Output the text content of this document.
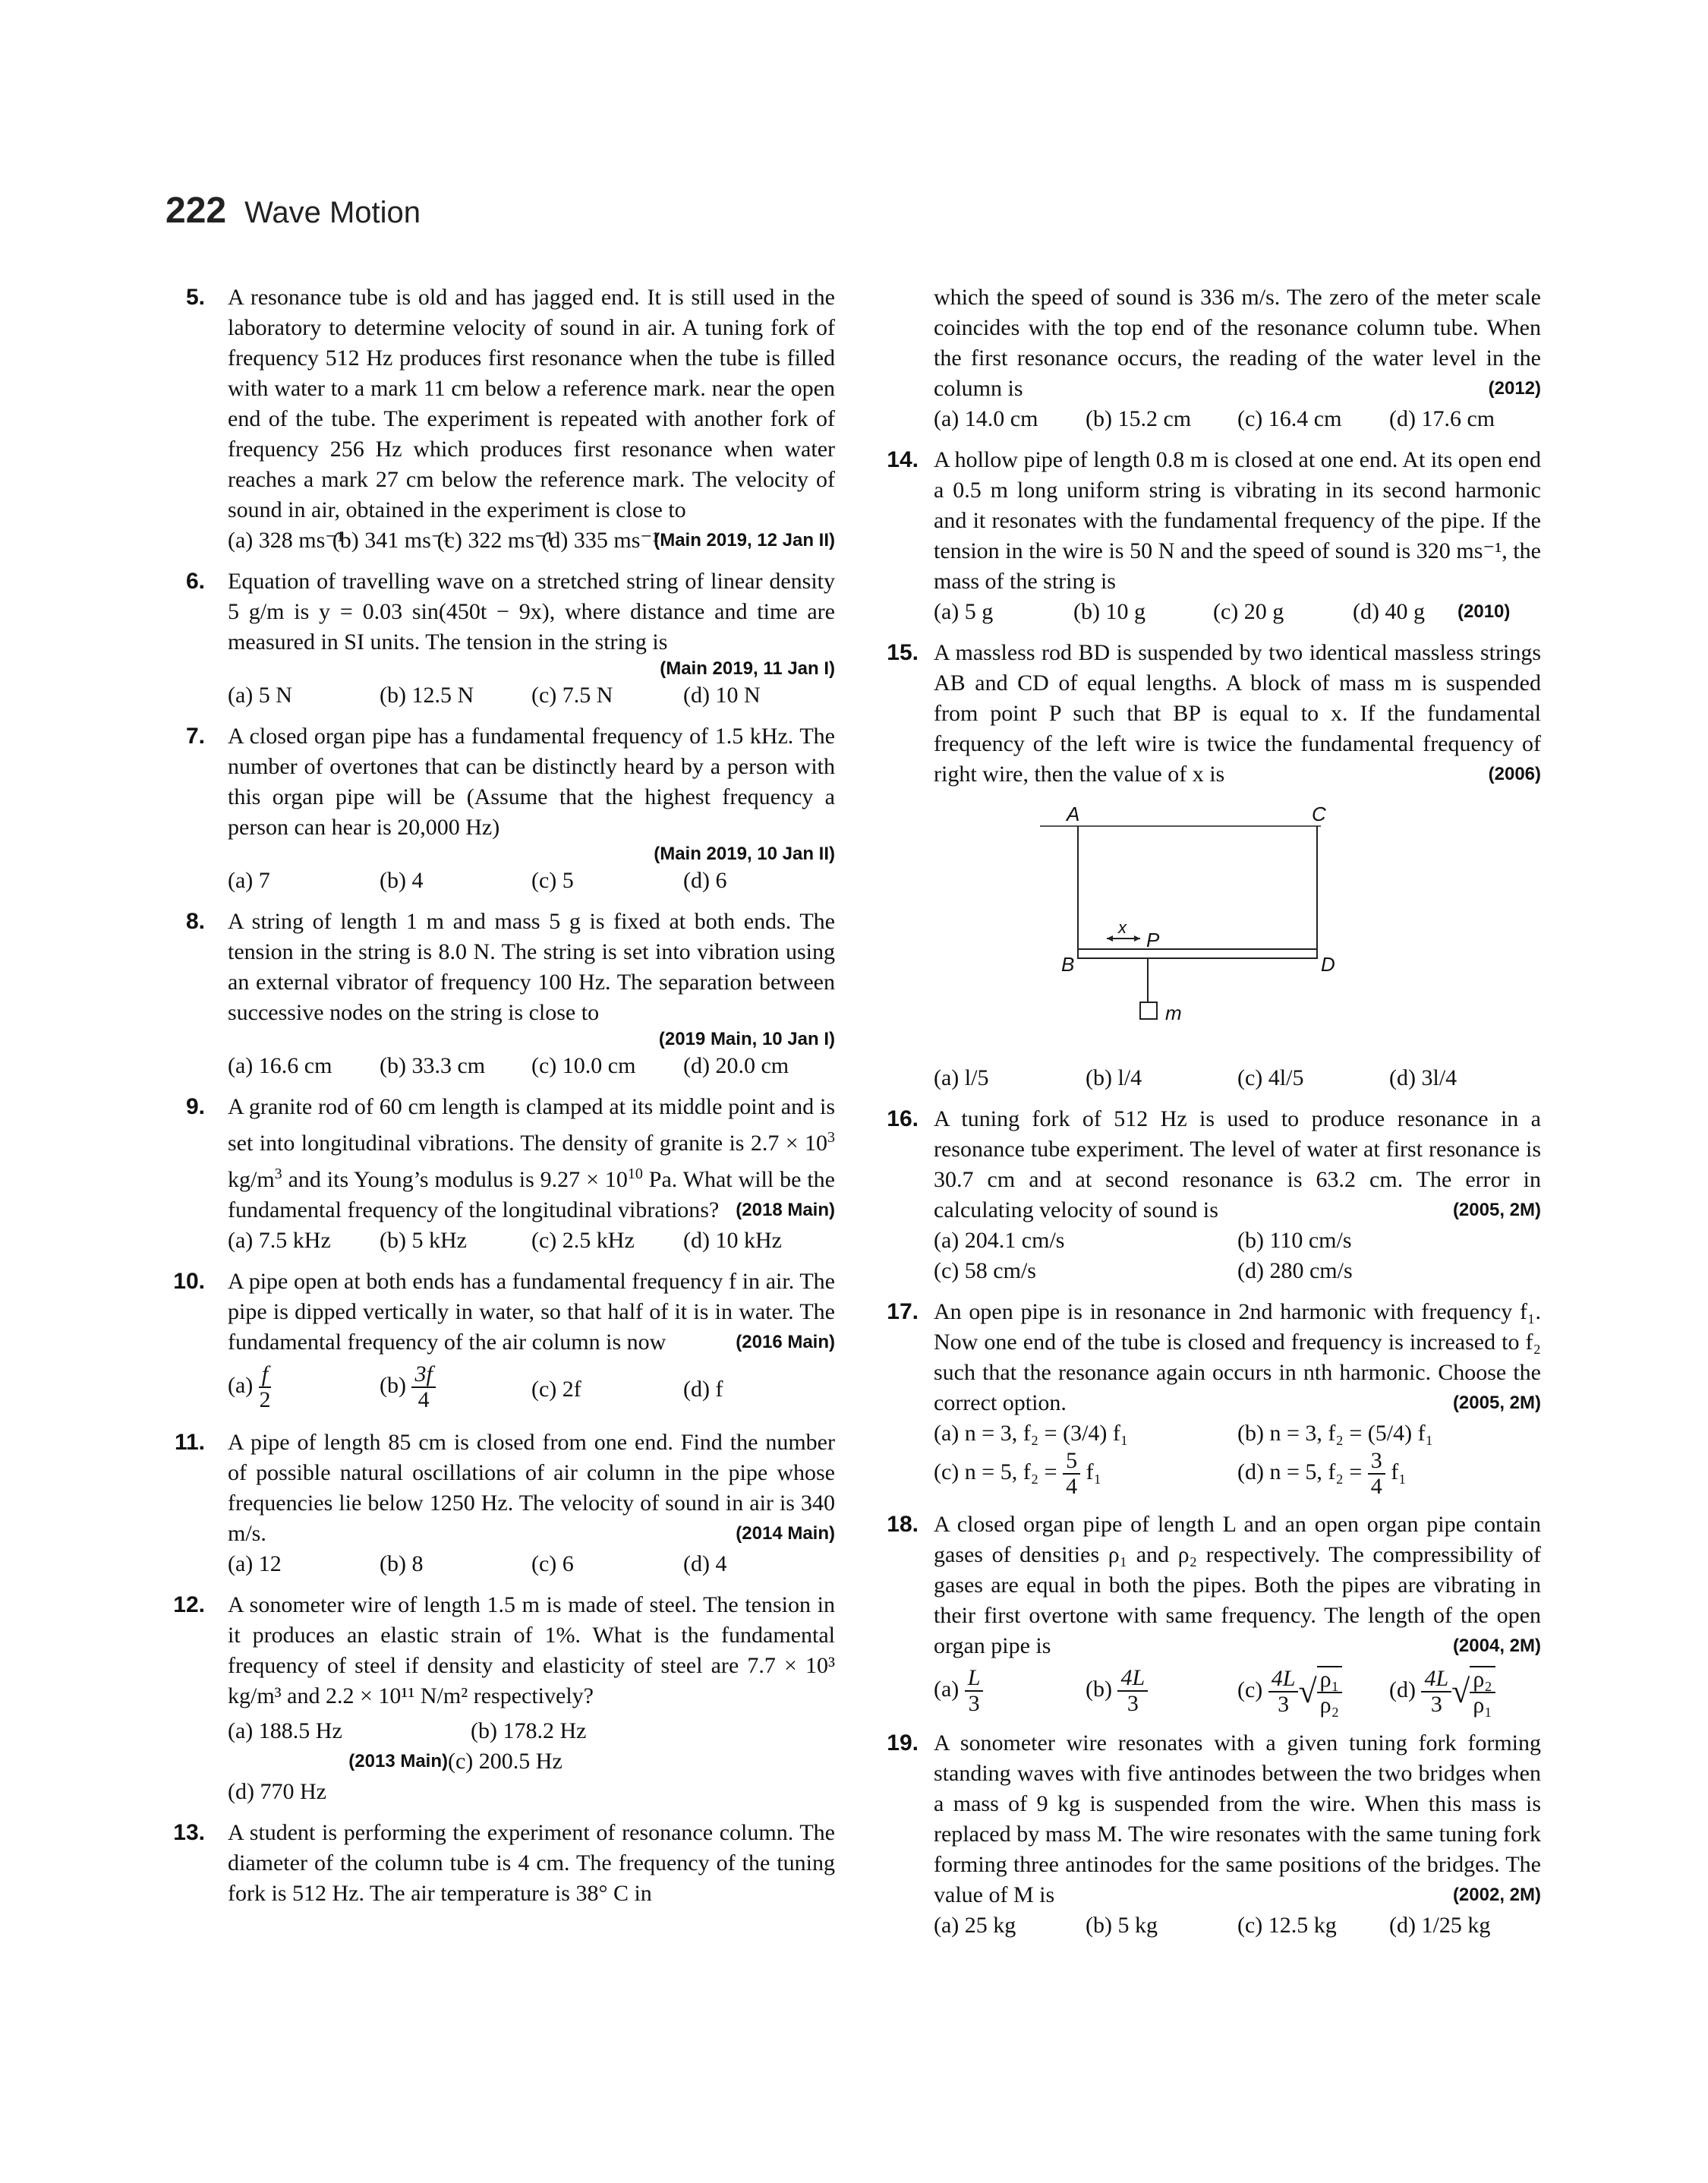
222 Wave Motion
5.	A resonance tube is old and has jagged end. It is still used in the laboratory to determine velocity of sound in air. A tuning fork of frequency 512 Hz produces first resonance when the tube is filled with water to a mark 11 cm below a reference mark. near the open end of the tube. The experiment is repeated with another fork of frequency 256 Hz which produces first resonance when water reaches a mark 27 cm below the reference mark. The velocity of sound in air, obtained in the experiment is close to
(Main 2019, 12 Jan II)
(a) 328 ms⁻¹
(b) 341 ms⁻¹
(c) 322 ms⁻¹
(d) 335 ms⁻¹
6.	Equation of travelling wave on a stretched string of linear density 5 g/m is y = 0.03 sin(450t − 9x), where distance and time are measured in SI units. The tension in the string is
(Main 2019, 11 Jan I)
(a) 5 N	(b) 12.5 N	(c) 7.5 N	(d) 10 N
7.	A closed organ pipe has a fundamental frequency of 1.5 kHz. The number of overtones that can be distinctly heard by a person with this organ pipe will be (Assume that the highest frequency a person can hear is 20,000 Hz)
(Main 2019, 10 Jan II)
(a) 7	(b) 4	(c) 5	(d) 6
8.	A string of length 1 m and mass 5 g is fixed at both ends. The tension in the string is 8.0 N. The string is set into vibration using an external vibrator of frequency 100 Hz. The separation between successive nodes on the string is close to
(2019 Main, 10 Jan I)
(a) 16.6 cm	(b) 33.3 cm	(c) 10.0 cm	(d) 20.0 cm
9.	A granite rod of 60 cm length is clamped at its middle point and is set into longitudinal vibrations. The density of granite is $2.7 \times 10^3$ $kg/m^3$ and its Young’s modulus is $9.27 \times 10^{10}$ Pa. What will be the fundamental frequency of the longitudinal vibrations? (2018 Main)
(a) 7.5 kHz	(b) 5 kHz	(c) 2.5 kHz	(d) 10 kHz
10.	A pipe open at both ends has a fundamental frequency f in air. The pipe is dipped vertically in water, so that half of it is in water. The fundamental frequency of the air column is now	(2016 Main)
$(a) \frac{f}{2}$	$(b) \frac{3f}{4}$	(c) 2f	(d) f
11.	A pipe of length 85 cm is closed from one end. Find the number of possible natural oscillations of air column in the pipe whose frequencies lie below 1250 Hz. The velocity of sound in air is 340 m/s.	(2014 Main)
(a) 12	(b) 8	(c) 6	(d) 4
12.	A sonometer wire of length 1.5 m is made of steel. The tension in it produces an elastic strain of 1%. What is the fundamental frequency of steel if density and elasticity of steel are 7.7 × 10³ kg/m³ and 2.2 × 10¹¹ N/m² respectively?
(a) 188.5 Hz	(b) 178.2 Hz
(2013 Main) (c) 200.5 Hz
(d) 770 Hz
13.	A student is performing the experiment of resonance column. The diameter of the column tube is 4 cm. The frequency of the tuning fork is 512 Hz. The air temperature is 38° C in
which the speed of sound is 336 m/s. The zero of the meter scale coincides with the top end of the resonance column tube. When the first resonance occurs, the reading of the water level in the column is	(2012)
(a) 14.0 cm	(b) 15.2 cm	(c) 16.4 cm	(d) 17.6 cm
14. A hollow pipe of length 0.8 m is closed at one end. At its open end a 0.5 m long uniform string is vibrating in its second harmonic and it resonates with the fundamental frequency of the pipe. If the tension in the wire is 50 N and the speed of sound is 320 ms⁻¹, the mass of the string is
(a) 5 g	(b) 10 g	(c) 20 g	(d) 40 g	(2010)
15. A massless rod BD is suspended by two identical massless strings AB and CD of equal lengths. A block of mass m is suspended from point P such that BP is equal to x. If the fundamental frequency of the left wire is twice the fundamental frequency of right wire, then the value of x is	(2006)
A	C
B	D
x
P
m
(a) l/5	(b) l/4	(c) 4l/5	(d) 3l/4
16. A tuning fork of 512 Hz is used to produce resonance in a resonance tube experiment. The level of water at first resonance is 30.7 cm and at second resonance is 63.2 cm. The error in calculating velocity of sound is	(2005, 2M)
(a) 204.1 cm/s	(b) 110 cm/s
(c) 58 cm/s	(d) 280 cm/s
17. An open pipe is in resonance in 2nd harmonic with frequency f₁. Now one end of the tube is closed and frequency is increased to f₂ such that the resonance again occurs in nth harmonic. Choose the correct option.	(2005, 2M)
(a) n = 3, f₂ = (3/4) f₁	(b) n = 3, f₂ = (5/4) f₁
(c) n = 5, $f_2 = \frac{5}{4} f_1$	(d) n = 5, $f_2 = \frac{3}{4} f_1$
18. A closed organ pipe of length L and an open organ pipe contain gases of densities ρ₁ and ρ₂ respectively. The compressibility of gases are equal in both the pipes. Both the pipes are vibrating in their first overtone with same frequency. The length of the open organ pipe is	(2004, 2M)
$(a) \frac{L}{3}$	$(b) \frac{4L}{3}$	$(c) \frac{4L}{3}$ √ $\frac{\text{ρ₁}}{\text{ρ₂}} (d) \frac{4L}{3}$ √ $\frac{\text{ρ₂}}{\text{ρ₁}}$
19. A sonometer wire resonates with a given tuning fork forming standing waves with five antinodes between the two bridges when a mass of 9 kg is suspended from the wire. When this mass is replaced by mass M. The wire resonates with the same tuning fork forming three antinodes for the same positions of the bridges. The value of M is	(2002, 2M)
(a) 25 kg	(b) 5 kg	(c) 12.5 kg	(d) 1/25 kg
